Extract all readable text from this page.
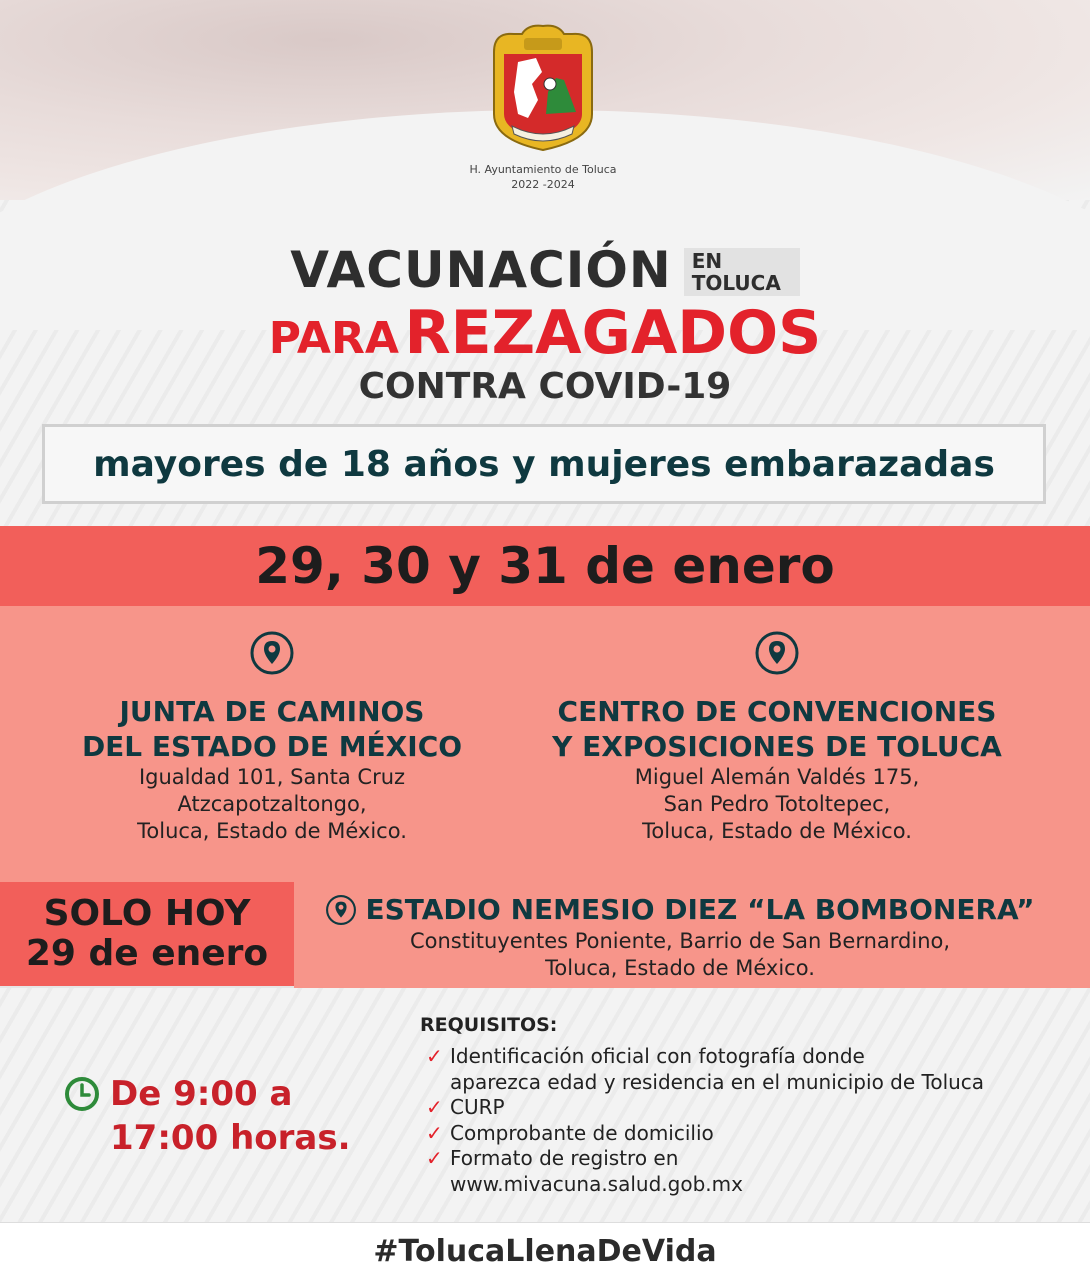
H. Ayuntamiento de Toluca
2022 -2024
VACUNACIÓN EN
TOLUCA
PARA REZAGADOS
CONTRA COVID-19
mayores de 18 años y mujeres embarazadas
29, 30 y 31 de enero
JUNTA DE CAMINOS
DEL ESTADO DE MÉXICO
Igualdad 101, Santa Cruz
Atzcapotzaltongo,
Toluca, Estado de México.
CENTRO DE CONVENCIONES
Y EXPOSICIONES DE TOLUCA
Miguel Alemán Valdés 175,
San Pedro Totoltepec,
Toluca, Estado de México.
SOLO HOY
29 de enero
ESTADIO NEMESIO DIEZ “LA BOMBONERA”
Constituyentes Poniente, Barrio de San Bernardino,
Toluca, Estado de México.
De 9:00 a
17:00 horas.
REQUISITOS:
✓ Identificación oficial con fotografía donde
aparezca edad y residencia en el municipio de Toluca
✓ CURP
✓ Comprobante de domicilio
✓ Formato de registro en
www.mivacuna.salud.gob.mx
#TolucaLlenaDeVida
